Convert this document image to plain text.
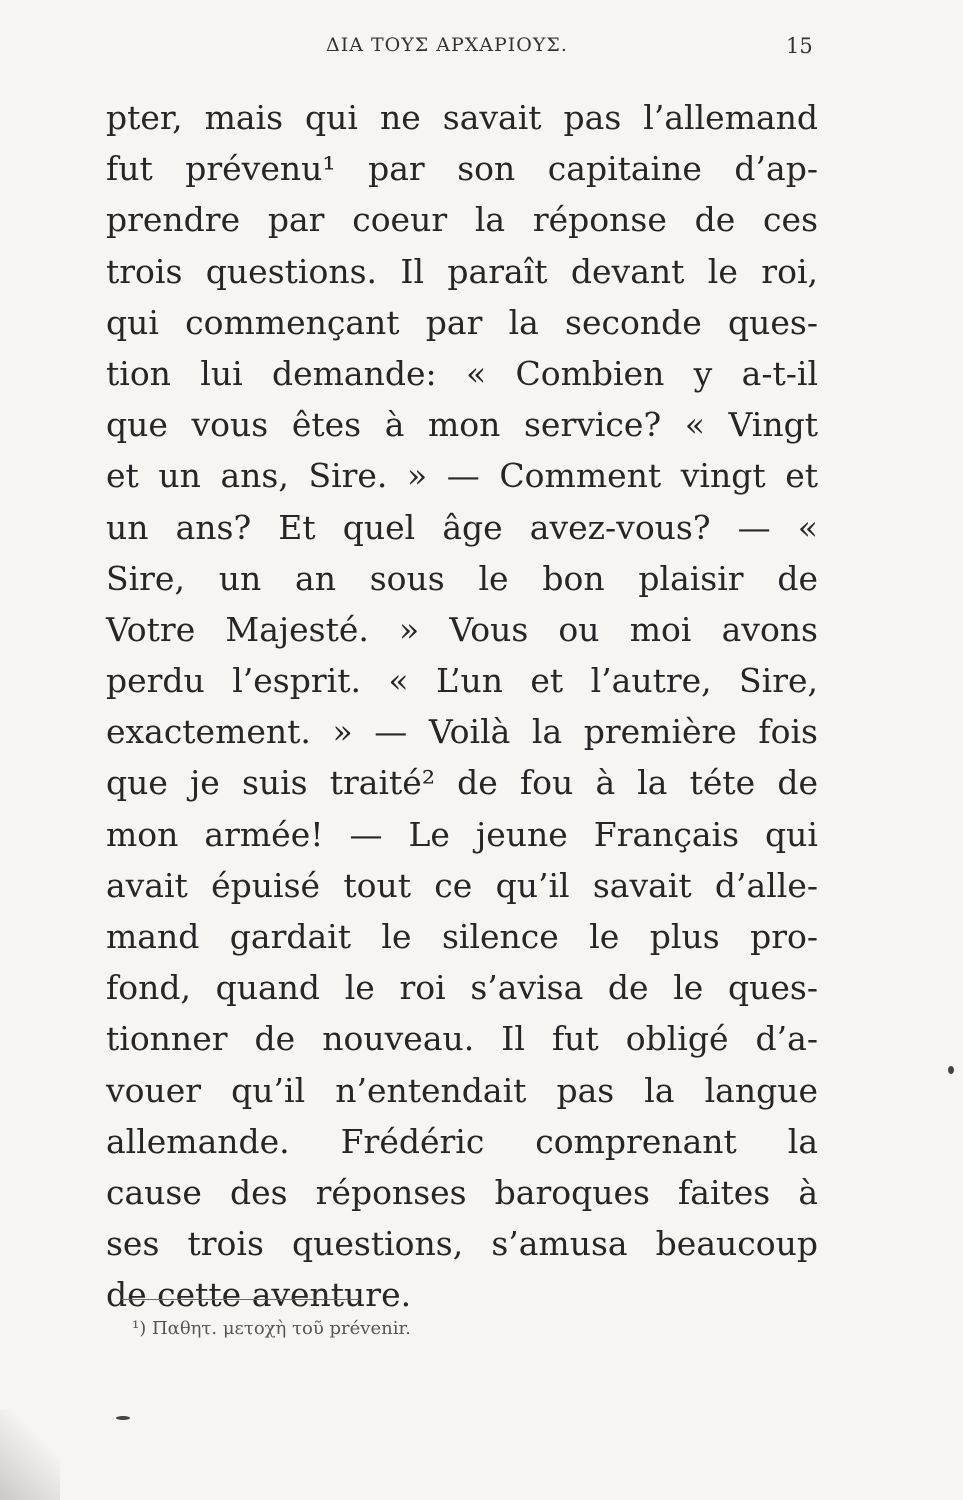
ΔΙΑ ΤΟΥΣ ΑΡΧΑΡΙΟΥΣ.	15
pter, mais qui ne savait pas l’allemand
fut prévenu¹ par son capitaine d’ap-
prendre par coeur la réponse de ces
trois questions. Il paraît devant le roi,
qui commençant par la seconde ques-
tion lui demande: « Combien y a-t-il
que vous êtes à mon service? « Vingt
et un ans, Sire. » — Comment vingt et
un ans? Et quel âge avez-vous? — «
Sire, un an sous le bon plaisir de
Votre Majesté. » Vous ou moi avons
perdu l’esprit. « L’un et l’autre, Sire,
exactement. » — Voilà la première fois
que je suis traité² de fou à la téte de
mon armée! — Le jeune Français qui
avait épuisé tout ce qu’il savait d’alle-
mand gardait le silence le plus pro-
fond, quand le roi s’avisa de le ques-
tionner de nouveau. Il fut obligé d’a-
vouer qu’il n’entendait pas la langue
allemande. Frédéric comprenant la
cause des réponses baroques faites à
ses trois questions, s’amusa beaucoup
de cette aventure.
¹) Παθητ. μετοχὴ τοῦ prévenir.
